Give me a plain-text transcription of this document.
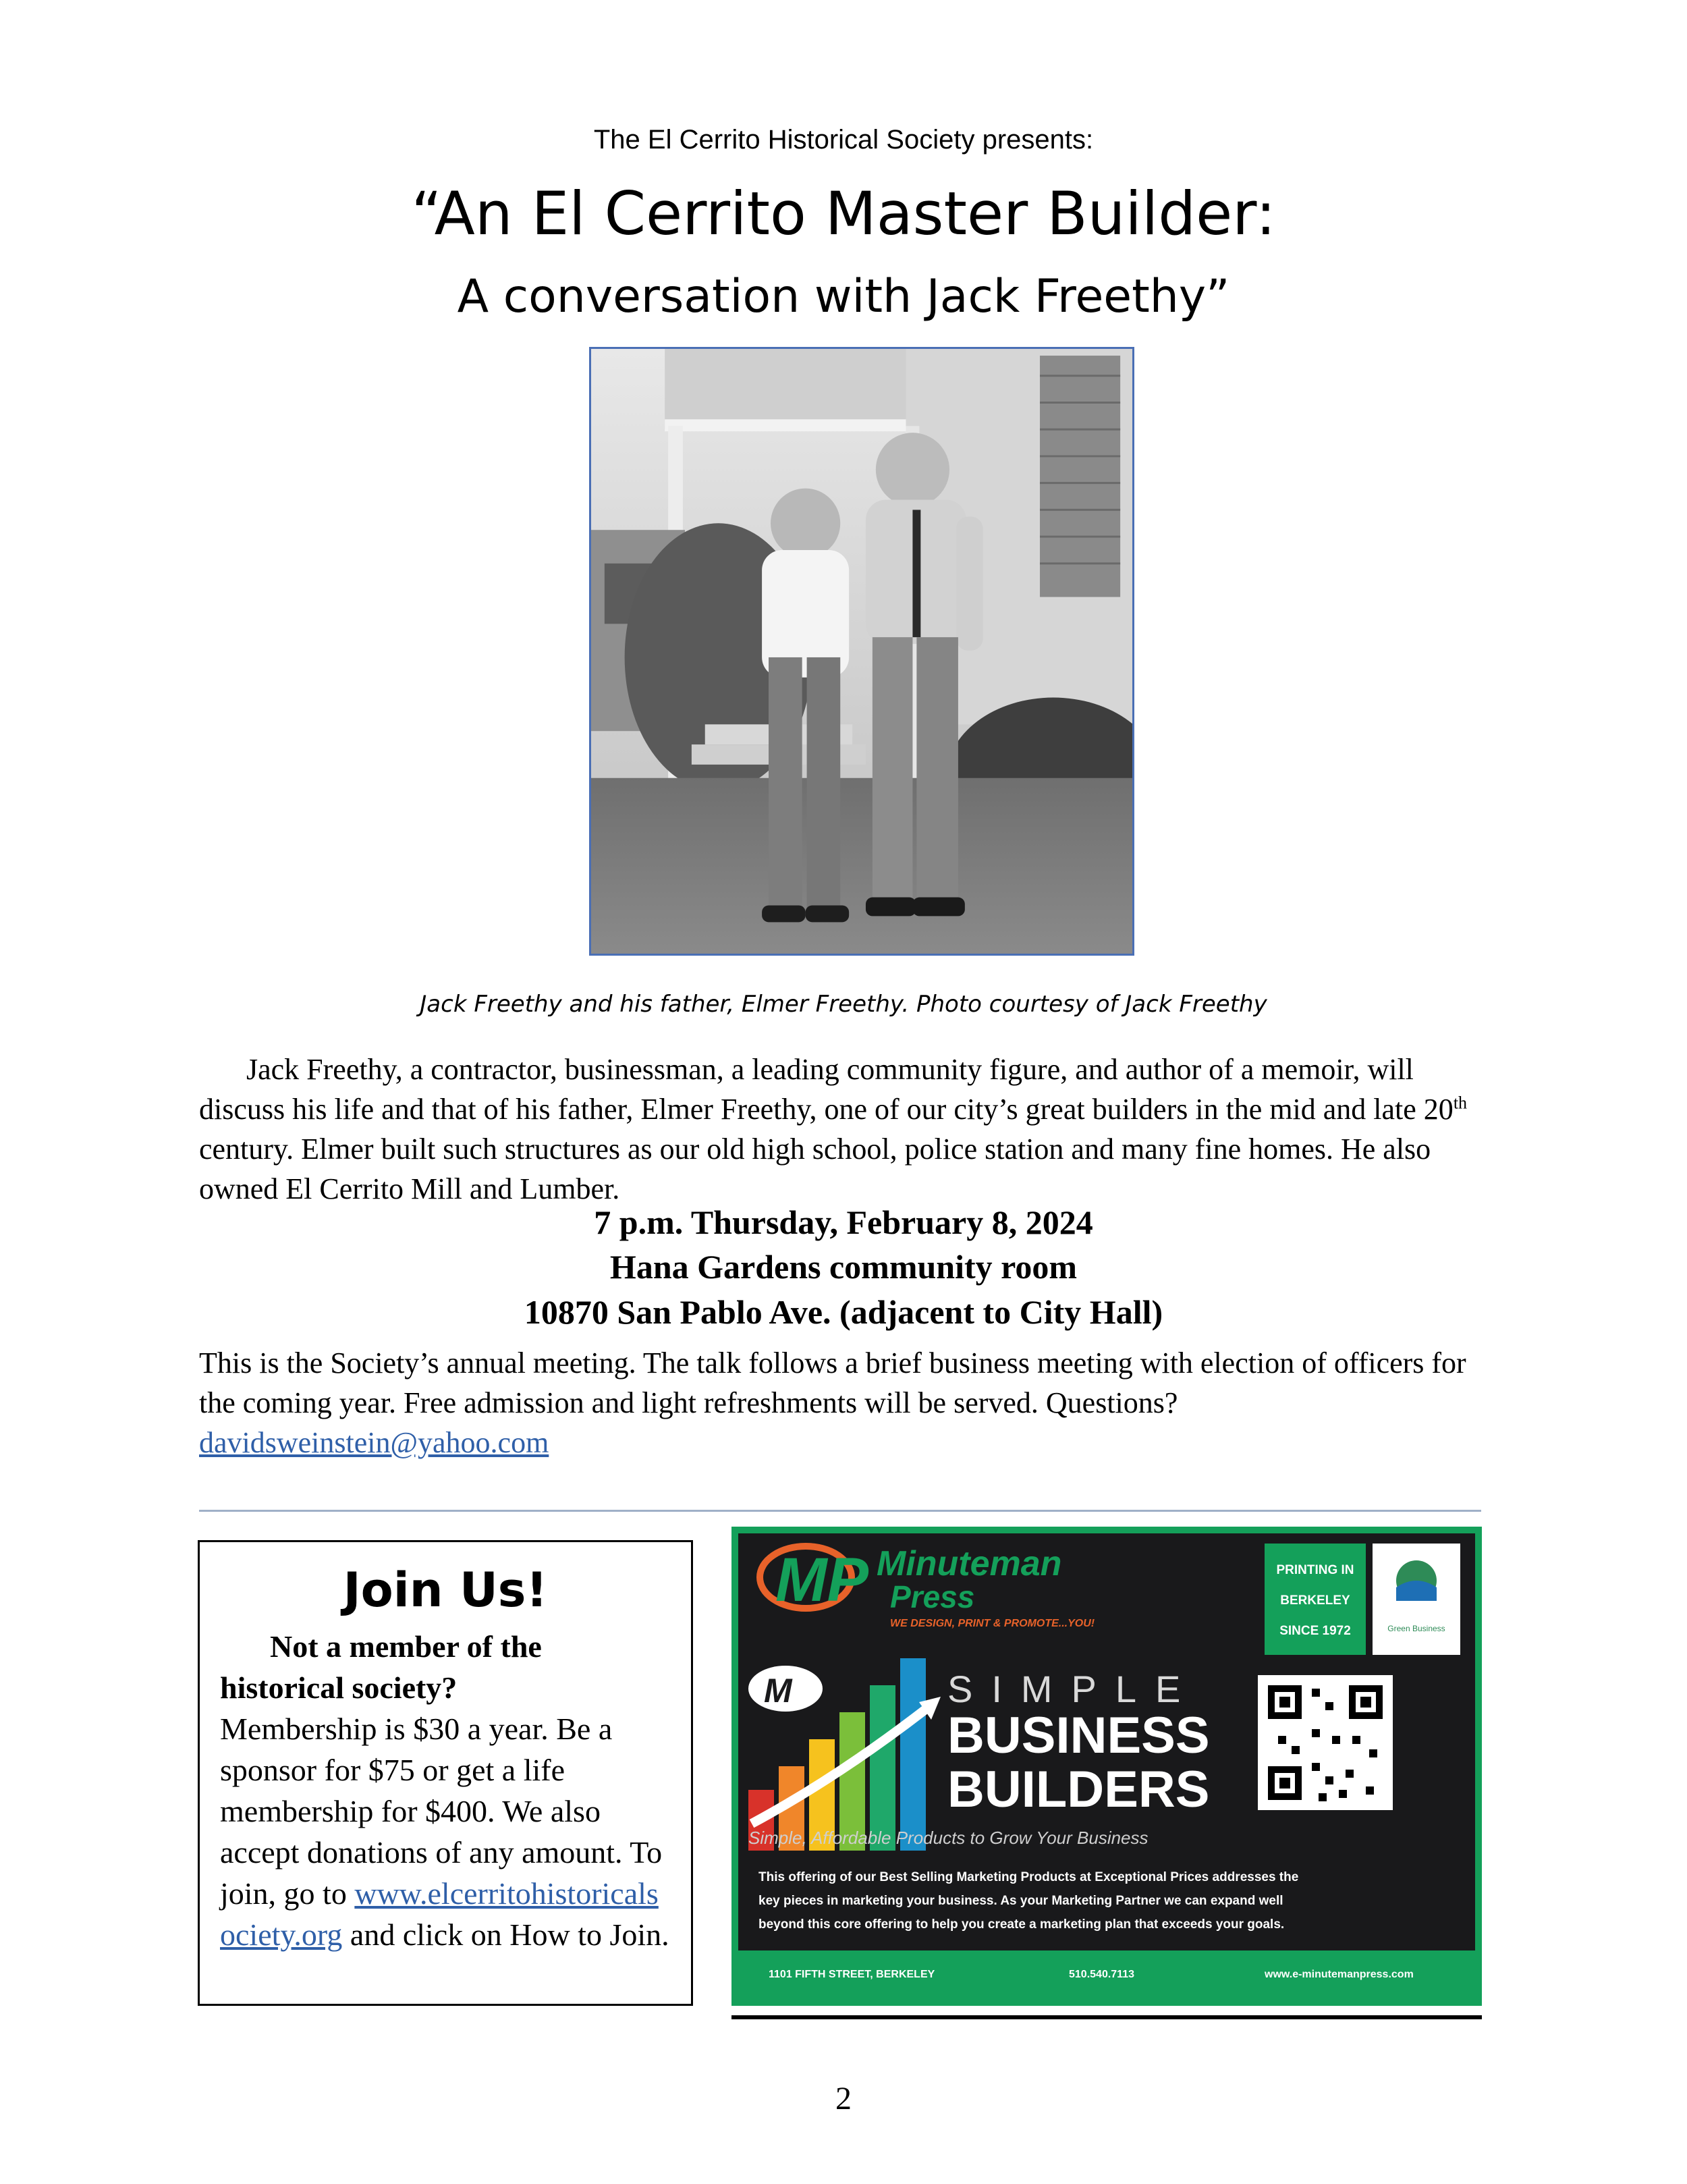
The El Cerrito Historical Society presents:
“An El Cerrito Master Builder:
A conversation with Jack Freethy”
Jack Freethy and his father, Elmer Freethy. Photo courtesy of Jack Freethy

Jack Freethy, a contractor, businessman, a leading community figure, and author of a memoir, will discuss his life and that of his father, Elmer Freethy, one of our city’s great builders in the mid and late 20th century. Elmer built such structures as our old high school, police station and many fine homes. He also owned El Cerrito Mill and Lumber.

7 p.m. Thursday, February 8, 2024
Hana Gardens community room
10870 San Pablo Ave. (adjacent to City Hall)
This is the Society’s annual meeting. The talk follows a brief business meeting with election of officers for the coming year. Free admission and light refreshments will be served. Questions?
davidsweinstein@yahoo.com
Join Us!
Not a member of the historical society?
Membership is $30 a year. Be a sponsor for $75 or get a life membership for $400. We also accept donations of any amount. To join, go to www.elcerritohistoricalsociety.org and click on How to Join.
MP Minuteman
Press
WE DESIGN, PRINT & PROMOTE...YOU!
PRINTING IN
BERKELEY
SINCE 1972	Green Business
M	SIMPLE
BUSINESS
BUILDERS
Simple, Affordable Products to Grow Your Business
This offering of our Best Selling Marketing Products at Exceptional Prices addresses the
key pieces in marketing your business. As your Marketing Partner we can expand well
beyond this core offering to help you create a marketing plan that exceeds your goals.
1101 FIFTH STREET, BERKELEY	510.540.7113	www.e-minutemanpress.com
2
